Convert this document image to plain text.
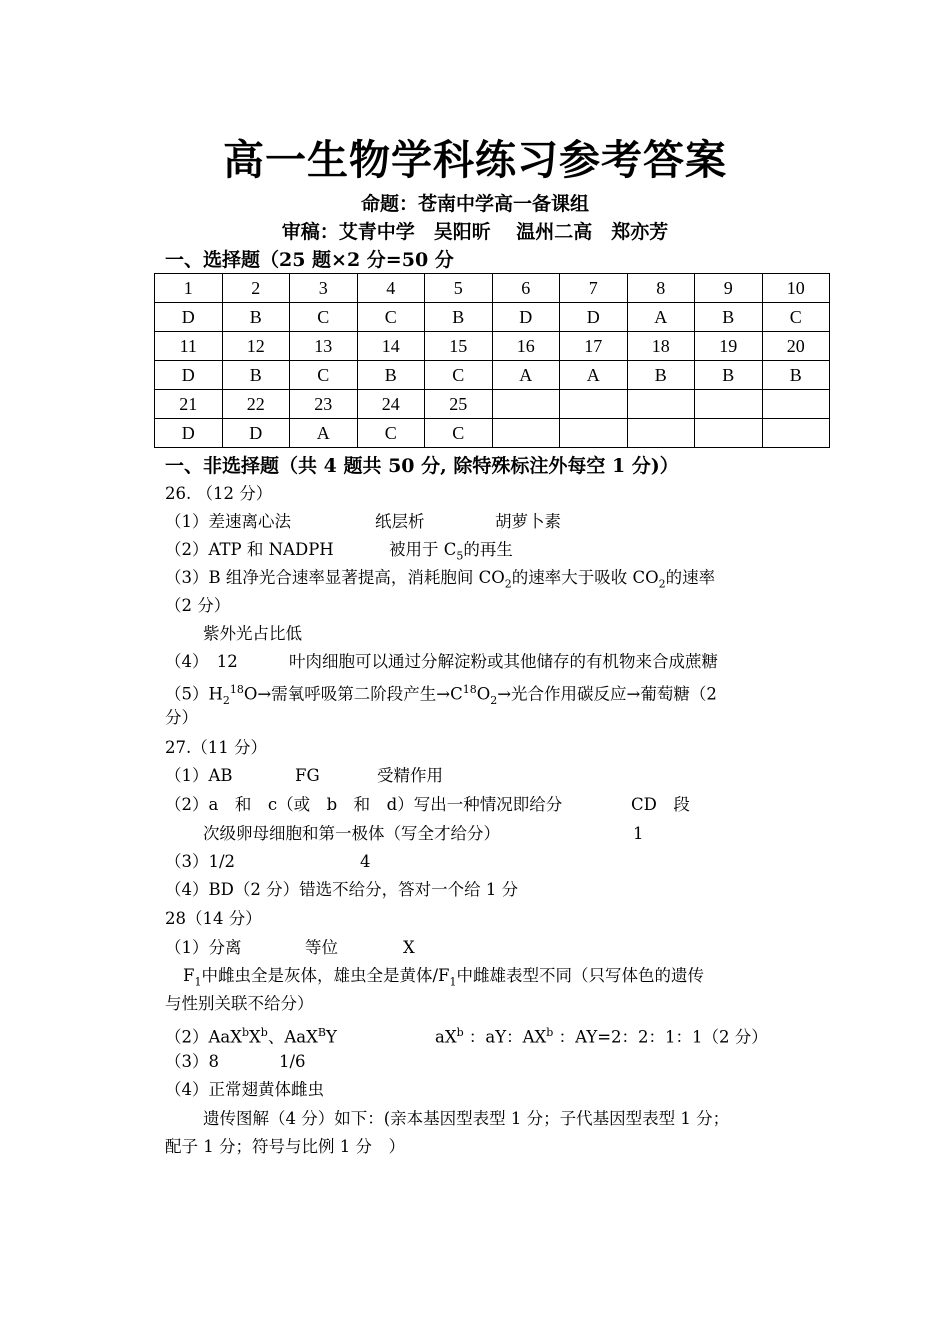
高一生物学科练习参考答案
命题：苍南中学高一备课组
审稿：艾青中学　吴阳昕　 温州二高　郑亦芳
一、选择题（25 题×2 分=50 分
1	2	3	4	5	6	7	8	9	10
D	B	C	C	B	D	D	A	B	C
11	12	13	14	15	16	17	18	19	20
D	B	C	B	C	A	A	B	B	B
21	22	23	24	25					
D	D	A	C	C					
一、非选择题（共 4 题共 50 分, 除特殊标注外每空 1 分)）
26. （12 分）

（1）差速离心法

	纸层析

	胡萝卜素

（2）ATP 和 NADPH

	被用于 $C_5$的再生

（3）B 组净光合速率显著提高，消耗胞间 $CO_2$的速率大于吸收 $CO_2$的速率
（2 分）
紫外光占比低

（4）　12

	叶肉细胞可以通过分解淀粉或其他储存的有机物来合成蔗糖

$(5)H_2^{18}O\to$需氧呼吸第二阶段产生$\to C^{18}O_2\to$光合作用碳反应→葡萄糖（2
分）
27.（11 分）

（1）AB

	FG

	受精作用

（2）a　和　c（或　b　和　d）写出一种情况即给分

	CD　段

次级卵母细胞和第一极体（写全才给分）

	1

（3）1/2

	4

（4）BD（2 分）错选不给分，答对一个给 1 分
28（14 分）

（1）分离

	等位

	X

$F_1$中雌虫全是灰体，雄虫全是黄体$/F_1$中雌雄表型不同（只写体色的遗传
与性别关联不给分）

$(2)AaX^bX^b$、AaX$^B$Y

	$aX^b$ ：aY：$AX^b$ ：AY=2：2：1：1（2 分）

（3）8

	1/6

（4）正常翅黄体雌虫
遗传图解（4 分）如下：(亲本基因型表型 1 分；子代基因型表型 1 分；
配子 1 分；符号与比例 1 分　）
